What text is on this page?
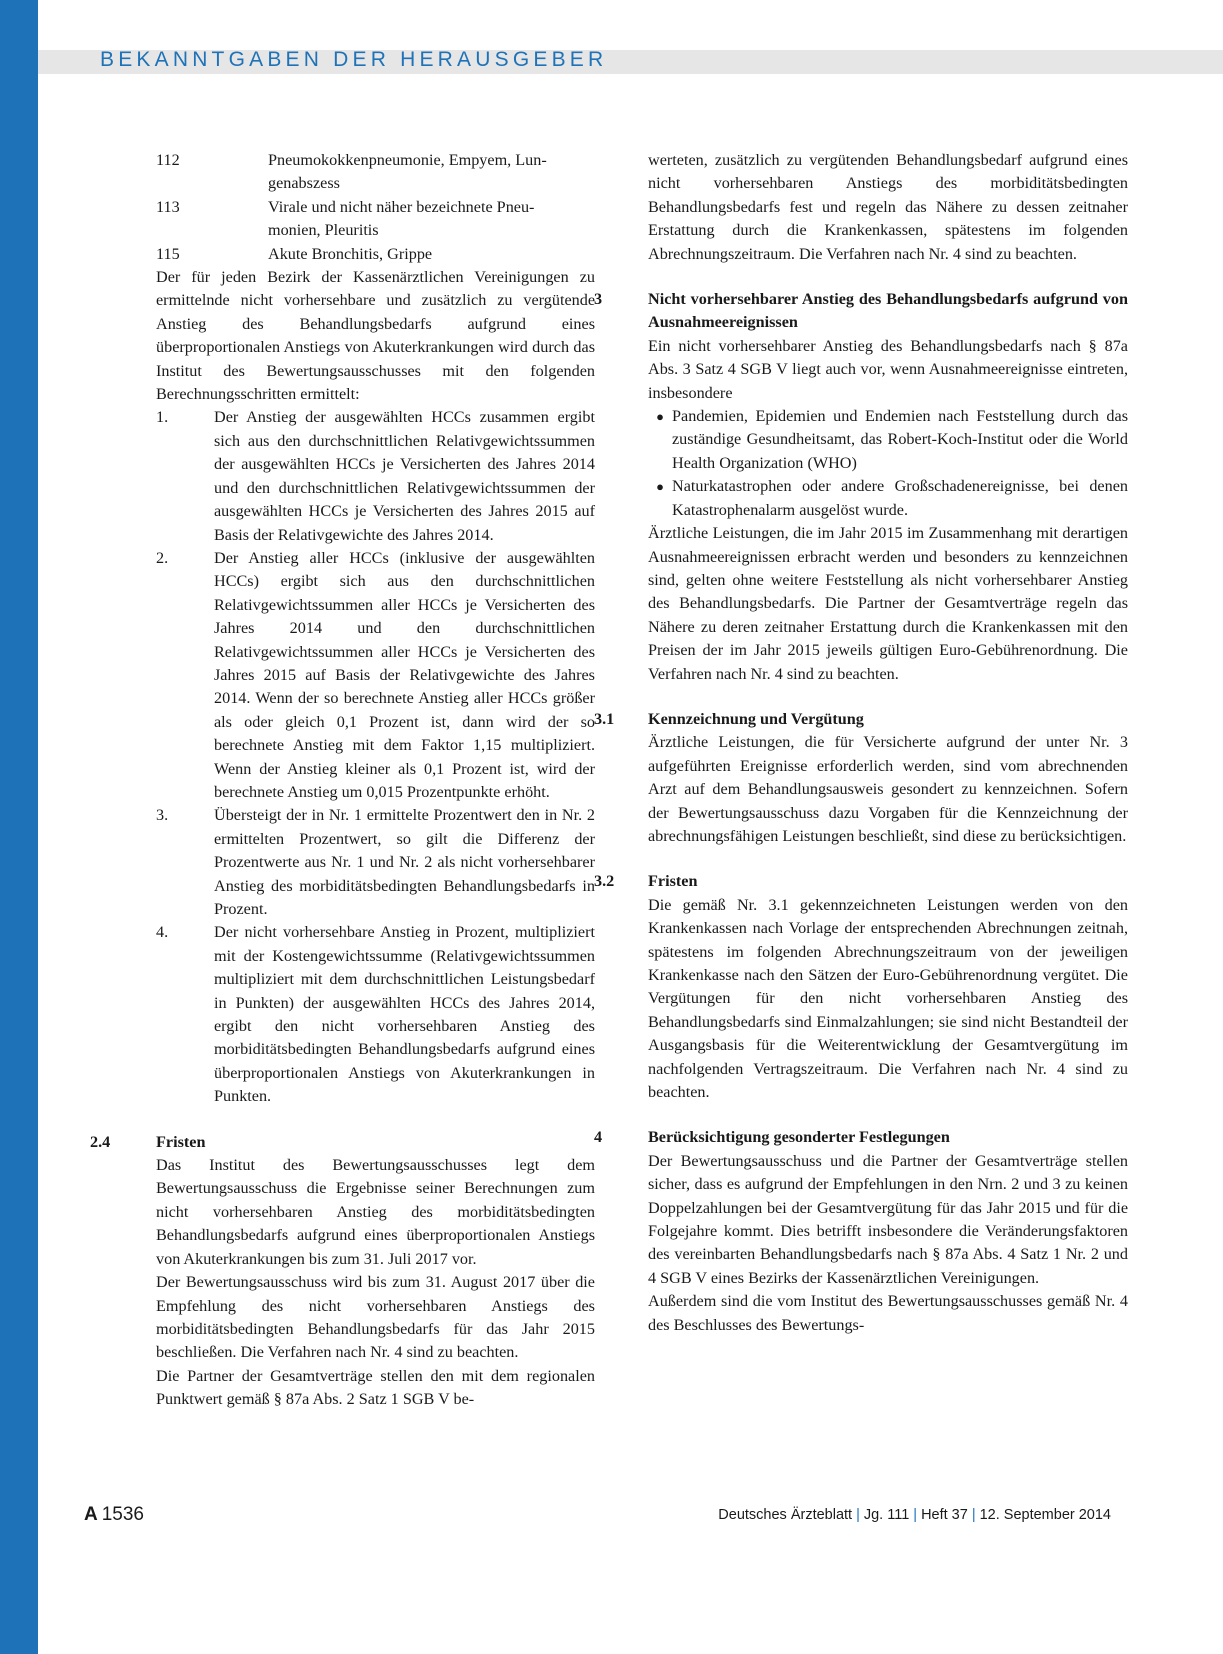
BEKANNTGABEN DER HERAUSGEBER
112	Pneumokokkenpneumonie, Empyem, Lun-
genabszess
113	Virale und nicht näher bezeichnete Pneu-
monien, Pleuritis
115	Akute Bronchitis, Grippe

Der für jeden Bezirk der Kassenärztlichen Vereinigungen zu ermittelnde nicht vorhersehbare und zusätzlich zu vergütende Anstieg des Behandlungsbedarfs aufgrund eines überproportionalen Anstiegs von Akuterkrankungen wird durch das Institut des Bewertungsausschusses mit den folgenden Berechnungsschritten ermittelt:

1.	Der Anstieg der ausgewählten HCCs zusammen ergibt sich aus den durchschnittlichen Relativgewichtssummen der ausgewählten HCCs je Versicherten des Jahres 2014 und den durchschnittlichen Relativgewichtssummen der ausgewählten HCCs je Versicherten des Jahres 2015 auf Basis der Relativgewichte des Jahres 2014.
2.	Der Anstieg aller HCCs (inklusive der ausgewählten HCCs) ergibt sich aus den durchschnittlichen Relativgewichtssummen aller HCCs je Versicherten des Jahres 2014 und den durchschnittlichen Relativgewichtssummen aller HCCs je Versicherten des Jahres 2015 auf Basis der Relativgewichte des Jahres 2014. Wenn der so berechnete Anstieg aller HCCs größer als oder gleich 0,1 Prozent ist, dann wird der so berechnete Anstieg mit dem Faktor 1,15 multipliziert. Wenn der Anstieg kleiner als 0,1 Prozent ist, wird der berechnete Anstieg um 0,015 Prozentpunkte erhöht.
3.	Übersteigt der in Nr. 1 ermittelte Prozentwert den in Nr. 2 ermittelten Prozentwert, so gilt die Differenz der Prozentwerte aus Nr. 1 und Nr. 2 als nicht vorhersehbarer Anstieg des morbiditätsbedingten Behandlungsbedarfs in Prozent.
4.	Der nicht vorhersehbare Anstieg in Prozent, multipliziert mit der Kostengewichtssumme (Relativgewichtssummen multipliziert mit dem durchschnittlichen Leistungsbedarf in Punkten) der ausgewählten HCCs des Jahres 2014, ergibt den nicht vorhersehbaren Anstieg des morbiditätsbedingten Behandlungsbedarfs aufgrund eines überproportionalen Anstiegs von Akuterkrankungen in Punkten.
2.4	Fristen

Das Institut des Bewertungsausschusses legt dem Bewertungsausschuss die Ergebnisse seiner Berechnungen zum nicht vorhersehbaren Anstieg des morbiditätsbedingten Behandlungsbedarfs aufgrund eines überproportionalen Anstiegs von Akuterkrankungen bis zum 31. Juli 2017 vor.

Der Bewertungsausschuss wird bis zum 31. August 2017 über die Empfehlung des nicht vorhersehbaren Anstiegs des morbiditätsbedingten Behandlungsbedarfs für das Jahr 2015 beschließen. Die Verfahren nach Nr. 4 sind zu beachten.

Die Partner der Gesamtverträge stellen den mit dem regionalen Punktwert gemäß § 87a Abs. 2 Satz 1 SGB V be-

werteten, zusätzlich zu vergütenden Behandlungsbedarf aufgrund eines nicht vorhersehbaren Anstiegs des morbiditätsbedingten Behandlungsbedarfs fest und regeln das Nähere zu dessen zeitnaher Erstattung durch die Krankenkassen, spätestens im folgenden Abrechnungszeitraum. Die Verfahren nach Nr. 4 sind zu beachten.

3	Nicht vorhersehbarer Anstieg des Behandlungsbedarfs aufgrund von Ausnahmeereignissen

Ein nicht vorhersehbarer Anstieg des Behandlungsbedarfs nach § 87a Abs. 3 Satz 4 SGB V liegt auch vor, wenn Ausnahmeereignisse eintreten, insbesondere

● Pandemien, Epidemien und Endemien nach Feststellung durch das zuständige Gesundheitsamt, das Robert-Koch-Institut oder die World Health Organization (WHO)
● Naturkatastrophen oder andere Großschadenereignisse, bei denen Katastrophenalarm ausgelöst wurde.

Ärztliche Leistungen, die im Jahr 2015 im Zusammenhang mit derartigen Ausnahmeereignissen erbracht werden und besonders zu kennzeichnen sind, gelten ohne weitere Feststellung als nicht vorhersehbarer Anstieg des Behandlungsbedarfs. Die Partner der Gesamtverträge regeln das Nähere zu deren zeitnaher Erstattung durch die Krankenkassen mit den Preisen der im Jahr 2015 jeweils gültigen Euro-Gebührenordnung. Die Verfahren nach Nr. 4 sind zu beachten.

3.1	Kennzeichnung und Vergütung

Ärztliche Leistungen, die für Versicherte aufgrund der unter Nr. 3 aufgeführten Ereignisse erforderlich werden, sind vom abrechnenden Arzt auf dem Behandlungsausweis gesondert zu kennzeichnen. Sofern der Bewertungsausschuss dazu Vorgaben für die Kennzeichnung der abrechnungsfähigen Leistungen beschließt, sind diese zu berücksichtigen.

3.2	Fristen

Die gemäß Nr. 3.1 gekennzeichneten Leistungen werden von den Krankenkassen nach Vorlage der entsprechenden Abrechnungen zeitnah, spätestens im folgenden Abrechnungszeitraum von der jeweiligen Krankenkasse nach den Sätzen der Euro-Gebührenordnung vergütet. Die Vergütungen für den nicht vorhersehbaren Anstieg des Behandlungsbedarfs sind Einmalzahlungen; sie sind nicht Bestandteil der Ausgangsbasis für die Weiterentwicklung der Gesamtvergütung im nachfolgenden Vertragszeitraum. Die Verfahren nach Nr. 4 sind zu beachten.

4	Berücksichtigung gesonderter Festlegungen

Der Bewertungsausschuss und die Partner der Gesamtverträge stellen sicher, dass es aufgrund der Empfehlungen in den Nrn. 2 und 3 zu keinen Doppelzahlungen bei der Gesamtvergütung für das Jahr 2015 und für die Folgejahre kommt. Dies betrifft insbesondere die Veränderungsfaktoren des vereinbarten Behandlungsbedarfs nach § 87a Abs. 4 Satz 1 Nr. 2 und 4 SGB V eines Bezirks der Kassenärztlichen Vereinigungen.

Außerdem sind die vom Institut des Bewertungsausschusses gemäß Nr. 4 des Beschlusses des Bewertungs-

A 1536	Deutsches Ärzteblatt | Jg. 111 | Heft 37 | 12. September 2014
